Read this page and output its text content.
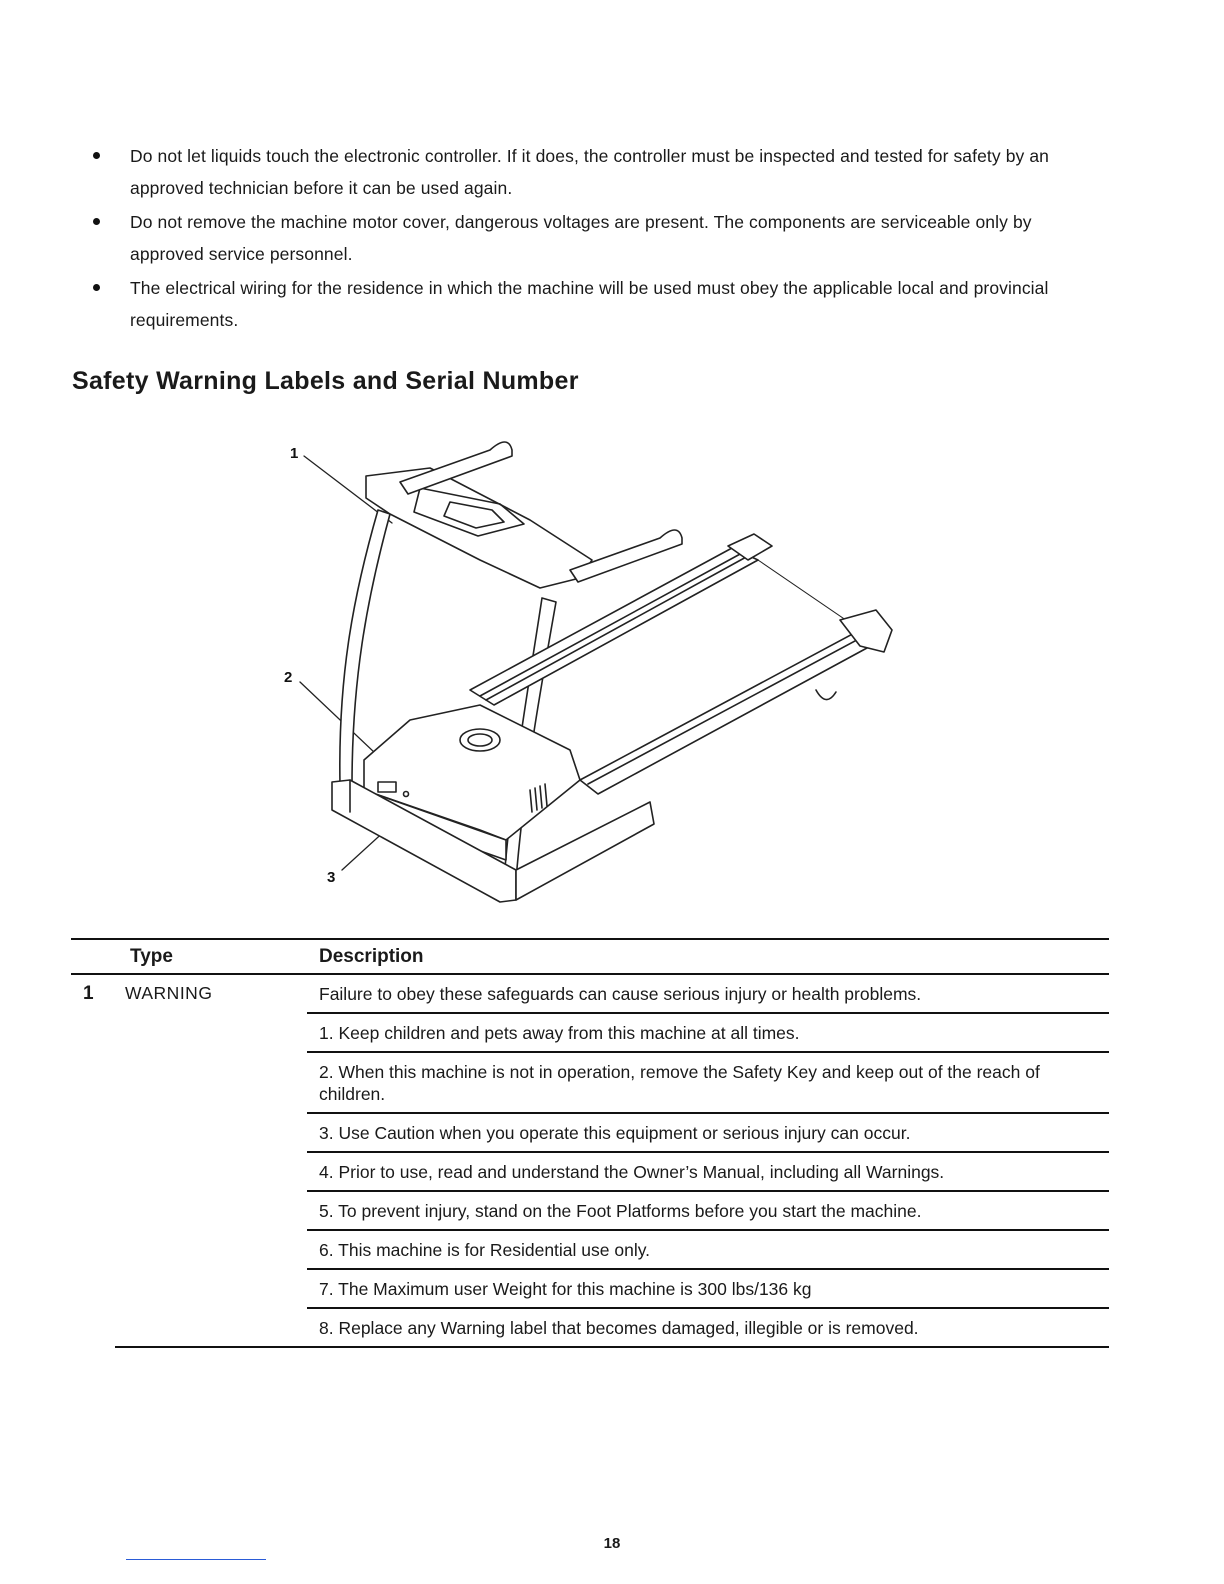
Do not let liquids touch the electronic controller. If it does, the controller must be inspected and tested for safety by an approved technician before it can be used again.
Do not remove the machine motor cover, dangerous voltages are present. The components are serviceable only by approved service personnel.
The electrical wiring for the residence in which the machine will be used must obey the applicable local and provincial requirements.
Safety Warning Labels and Serial Number
1
2
3
Type	Description
1 WARNING	Failure to obey these safeguards can cause serious injury or health problems.
1. Keep children and pets away from this machine at all times.
2. When this machine is not in operation, remove the Safety Key and keep out of the reach of children.
3. Use Caution when you operate this equipment or serious injury can occur.
4. Prior to use, read and understand the Owner’s Manual, including all Warnings.
5. To prevent injury, stand on the Foot Platforms before you start the machine.
6. This machine is for Residential use only.
7. The Maximum user Weight for this machine is 300 lbs/136 kg
8. Replace any Warning label that becomes damaged, illegible or is removed.
18
